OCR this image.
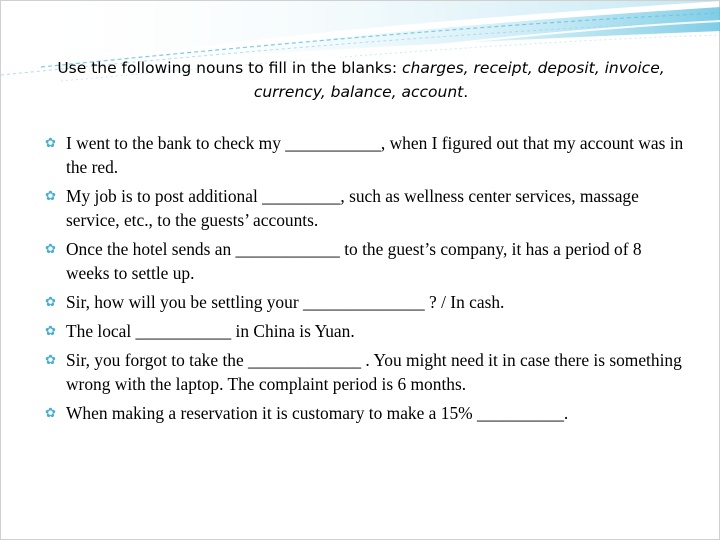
Use the following nouns to fill in the blanks: charges, receipt, deposit, invoice, currency, balance, account.
✿ I went to the bank to check my ___________, when I figured out that my account was in the red.
✿ My job is to post additional _________, such as wellness center services, massage service, etc., to the guests’ accounts.
✿ Once the hotel sends an ____________ to the guest’s company, it has a period of 8 weeks to settle up.
✿ Sir, how will you be settling your ______________ ? / In cash.
✿ The local ___________ in China is Yuan.
✿ Sir, you forgot to take the _____________ . You might need it in case there is something wrong with the laptop. The complaint period is 6 months.
✿ When making a reservation it is customary to make a 15% __________.
